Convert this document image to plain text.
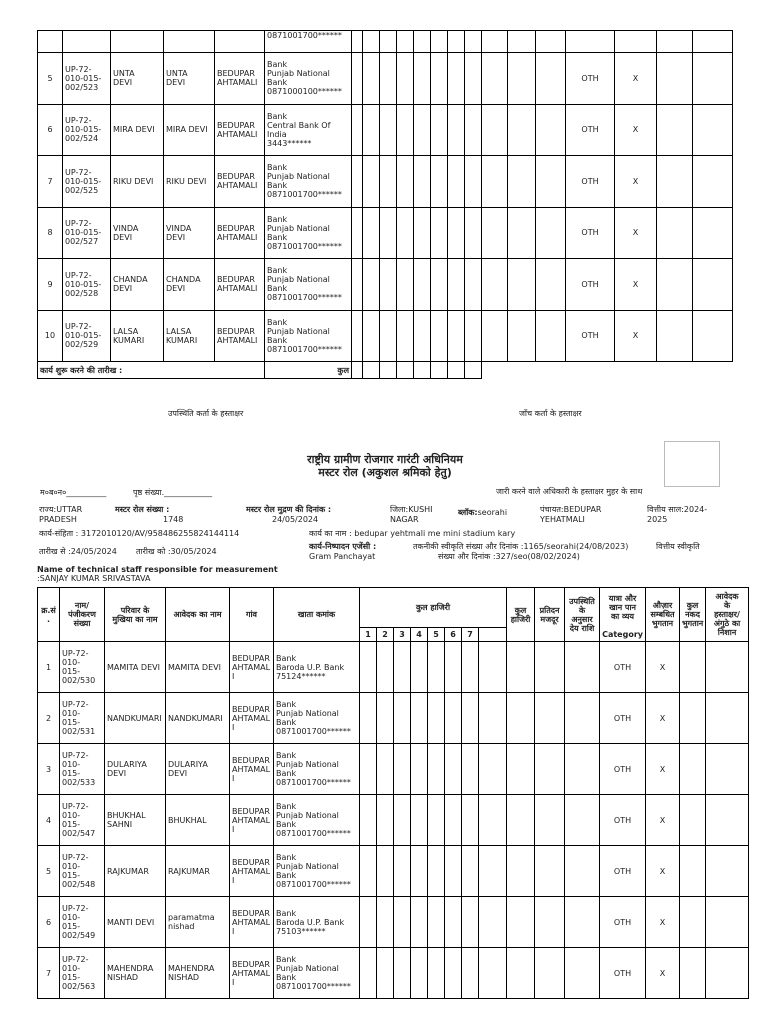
					0871001700******															
5	UP-72-
010-015-
002/523	UNTA
DEVI	UNTA
DEVI	BEDUPAR
AHTAMALI	Bank
Punjab National
Bank
0871000100******												OTH	X		
6	UP-72-
010-015-
002/524	MIRA DEVI	MIRA DEVI	BEDUPAR
AHTAMALI	Bank
Central Bank Of
India
3443******												OTH	X		
7	UP-72-
010-015-
002/525	RIKU DEVI	RIKU DEVI	BEDUPAR
AHTAMALI	Bank
Punjab National
Bank
0871001700******												OTH	X		
8	UP-72-
010-015-
002/527	VINDA
DEVI	VINDA
DEVI	BEDUPAR
AHTAMALI	Bank
Punjab National
Bank
0871001700******												OTH	X		
9	UP-72-
010-015-
002/528	CHANDA
DEVI	CHANDA
DEVI	BEDUPAR
AHTAMALI	Bank
Punjab National
Bank
0871001700******												OTH	X		
10	UP-72-
010-015-
002/529	LALSA
KUMARI	LALSA
KUMARI	BEDUPAR
AHTAMALI	Bank
Punjab National
Bank
0871001700******												OTH	X		
कार्य शुरू करने की तारीख :					कुल															
उपस्थिति कर्ता के हस्ताक्षर	जाँच कर्ता के हस्ताक्षर
राष्ट्रीय ग्रामीण रोजगार गारंटी अधिनियम
मस्टर रोल (अकुशल श्रमिको हेतु)
म०ब०न०__________	पृष्ठ संख्या.____________	जारी करने वाले अधिकारी के हस्ताक्षर मुहर के साथ
राज्य:UTTAR
PRADESH
मस्टर रोल संख्या :
1748
मस्टर रोल मुद्रण की दिनांक :
24/05/2024
जिला:KUSHI
NAGAR
ब्लॉक:seorahi	पंचायत:BEDUPAR
YEHATMALI
वित्तीय साल:2024-
2025
कार्य-संहिता : 3172010120/AV/958486255824144114	कार्य का नाम : bedupar yehtmali me mini stadium kary
तारीख से :24/05/2024 तारीख को :30/05/2024
कार्य-निष्पादन एजेंसी :
Gram Panchayat
तकनीकी स्वीकृति संख्या और दिनांक :1165/seorahi(24/08/2023)	वित्तीय स्वीकृति
संख्या और दिनांक :327/seo(08/02/2024)
Name of technical staff responsible for measurement
:SANJAY KUMAR SRIVASTAVA
क्र.सं.	नाम/
पंजीकरण
संख्या	परिवार के
मुखिया का नाम	आवेदक का नाम	गांव	खाता कमांक	कुल हाजिरी								कुल
हाजिरी	प्रतिदन
मजदूर	उपस्थिति
के
अनुसार
देय राशि	यात्रा और
खान पान
का व्यय	औज़ार
सम्बधित
भुगतान	कुल
नकद
भुगतान	आवेदक
के
हस्ताक्षर/
अंगुठे का
निशान
						1	2	3	4	5	6	7					Category			
1	UP-72-
010-
015-
002/530	MAMITA DEVI	MAMITA DEVI	BEDUPAR
AHTAMALI	Bank
Baroda U.P. Bank
75124******												OTH	X		
2	UP-72-
010-
015-
002/531	NANDKUMARI	NANDKUMARI	BEDUPAR
AHTAMALI	Bank
Punjab National
Bank
0871001700******												OTH	X		
3	UP-72-
010-
015-
002/533	DULARIYA
DEVI	DULARIYA
DEVI	BEDUPAR
AHTAMALI	Bank
Punjab National
Bank
0871001700******												OTH	X		
4	UP-72-
010-
015-
002/547	BHUKHAL
SAHNI	BHUKHAL	BEDUPAR
AHTAMALI	Bank
Punjab National
Bank
0871001700******												OTH	X		
5	UP-72-
010-
015-
002/548	RAJKUMAR	RAJKUMAR	BEDUPAR
AHTAMALI	Bank
Punjab National
Bank
0871001700******												OTH	X		
6	UP-72-
010-
015-
002/549	MANTI DEVI	paramatma
nishad	BEDUPAR
AHTAMALI	Bank
Baroda U.P. Bank
75103******												OTH	X		
7	UP-72-
010-
015-
002/563	MAHENDRA
NISHAD	MAHENDRA
NISHAD	BEDUPAR
AHTAMALI	Bank
Punjab National
Bank
0871001700******												OTH	X		
